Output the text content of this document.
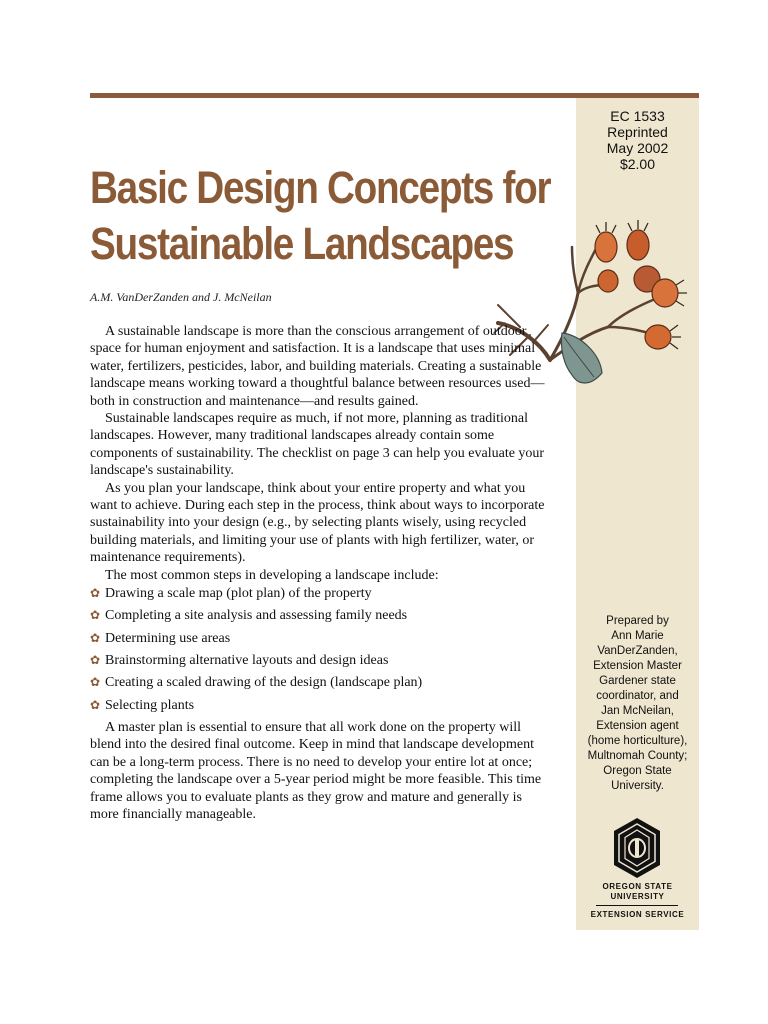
EC 1533
Reprinted
May 2002
$2.00
Basic Design Concepts for
Sustainable Landscapes
A.M. VanDerZanden and J. McNeilan

A sustainable landscape is more than the conscious arrangement of outdoor space for human enjoyment and satisfaction. It is a landscape that uses minimal water, fertilizers, pesticides, labor, and building materials. Creating a sustainable landscape means working toward a thoughtful balance between resources used—both in construction and maintenance—and results gained.

Sustainable landscapes require as much, if not more, planning as traditional landscapes. However, many traditional landscapes already contain some components of sustainability. The checklist on page 3 can help you evaluate your landscape's sustainability.

As you plan your landscape, think about your entire property and what you want to achieve. During each step in the process, think about ways to incorporate sustainability into your design (e.g., by selecting plants wisely, using recycled building materials, and limiting your use of plants with high fertilizer, water, or maintenance requirements).

The most common steps in developing a landscape include:

✿ Drawing a scale map (plot plan) of the property
✿ Completing a site analysis and assessing family needs
✿ Determining use areas
✿ Brainstorming alternative layouts and design ideas
✿ Creating a scaled drawing of the design (landscape plan)
✿ Selecting plants

A master plan is essential to ensure that all work done on the property will blend into the desired final outcome. Keep in mind that landscape development can be a long-term process. There is no need to develop your entire lot at once; completing the landscape over a 5-year period might be more feasible. This time frame allows you to evaluate plants as they grow and mature and generally is more financially manageable.

Prepared by
Ann Marie
VanDerZanden,
Extension Master
Gardener state
coordinator, and
Jan McNeilan,
Extension agent
(home horticulture),
Multnomah County;
Oregon State
University.
OREGON STATE
UNIVERSITY
EXTENSION SERVICE
